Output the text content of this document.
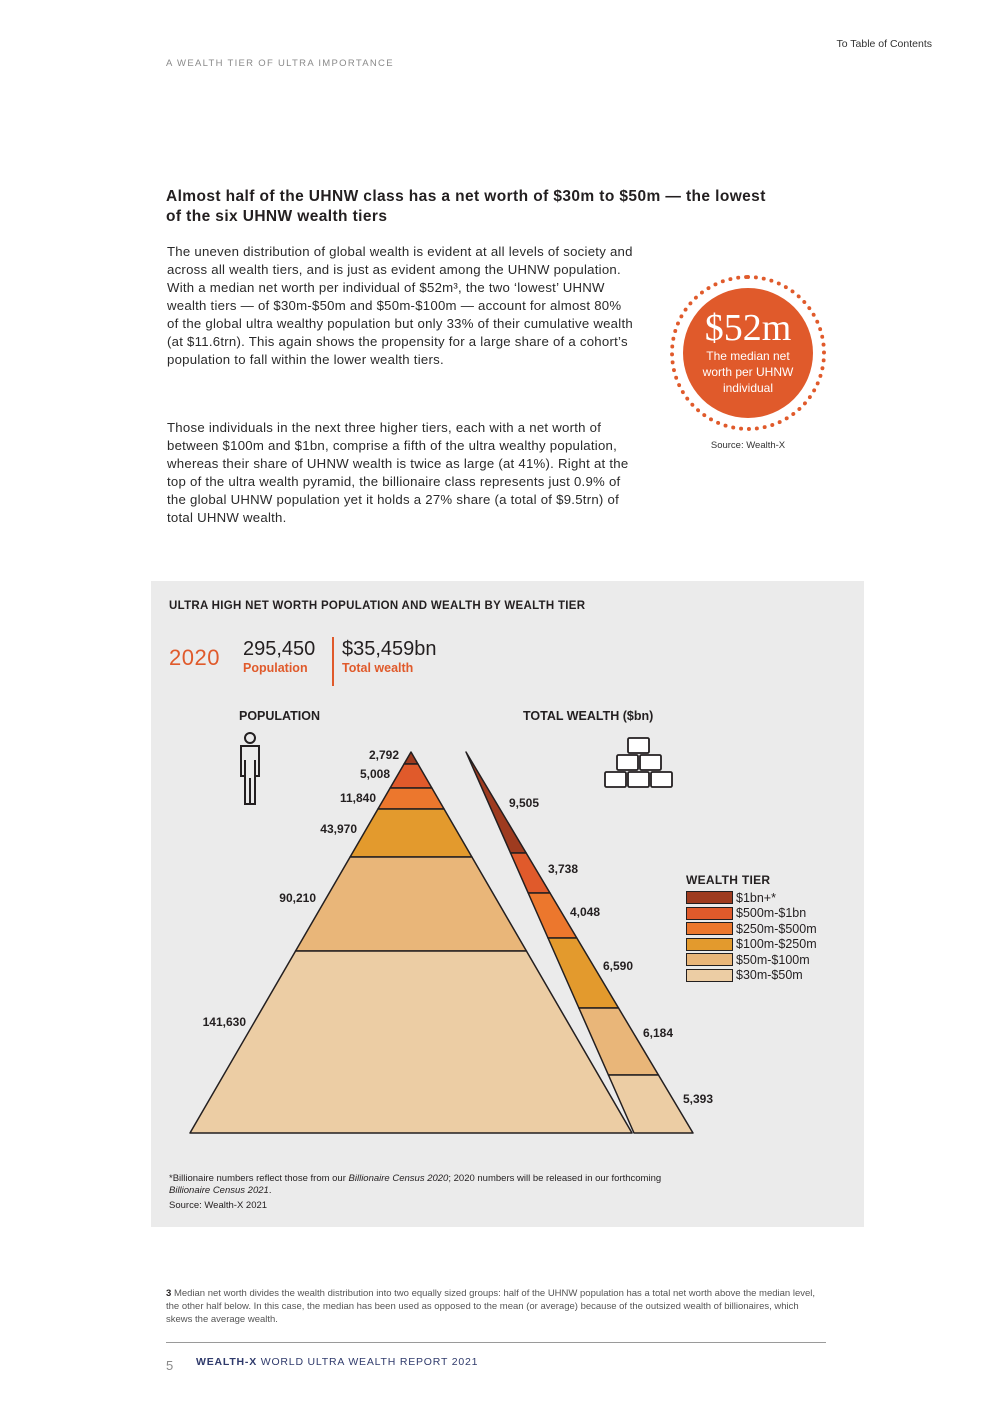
To Table of Contents
A WEALTH TIER OF ULTRA IMPORTANCE
Almost half of the UHNW class has a net worth of $30m to $50m — the lowest of the six UHNW wealth tiers

The uneven distribution of global wealth is evident at all levels of society and across all wealth tiers, and is just as evident among the UHNW population. With a median net worth per individual of $52m³, the two ‘lowest’ UHNW wealth tiers — of $30m-$50m and $50m-$100m — account for almost 80% of the global ultra wealthy population but only 33% of their cumulative wealth (at $11.6trn). This again shows the propensity for a large share of a cohort’s population to fall within the lower wealth tiers.

Those individuals in the next three higher tiers, each with a net worth of between $100m and $1bn, comprise a fifth of the ultra wealthy population, whereas their share of UHNW wealth is twice as large (at 41%). Right at the top of the ultra wealth pyramid, the billionaire class represents just 0.9% of the global UHNW population yet it holds a 27% share (a total of $9.5trn) of total UHNW wealth.

$52m
The median net worth per UHNW individual
Source: Wealth-X
ULTRA HIGH NET WORTH POPULATION AND WEALTH BY WEALTH TIER
2020 295,450
Population
$35,459bn
Total wealth
POPULATION	TOTAL WEALTH ($bn)
2,792
5,008
11,840
43,970
90,210
141,630
9,505
3,738
4,048
6,590
6,184
5,393
WEALTH TIER
$1bn+*
$500m-$1bn
$250m-$500m
$100m-$250m
$50m-$100m
$30m-$50m
*Billionaire numbers reflect those from our Billionaire Census 2020; 2020 numbers will be released in our forthcoming Billionaire Census 2021.
Source: Wealth-X 2021
3 Median net worth divides the wealth distribution into two equally sized groups: half of the UHNW population has a total net worth above the median level, the other half below. In this case, the median has been used as opposed to the mean (or average) because of the outsized wealth of billionaires, which skews the average wealth.
5 WEALTH-X WORLD ULTRA WEALTH REPORT 2021
